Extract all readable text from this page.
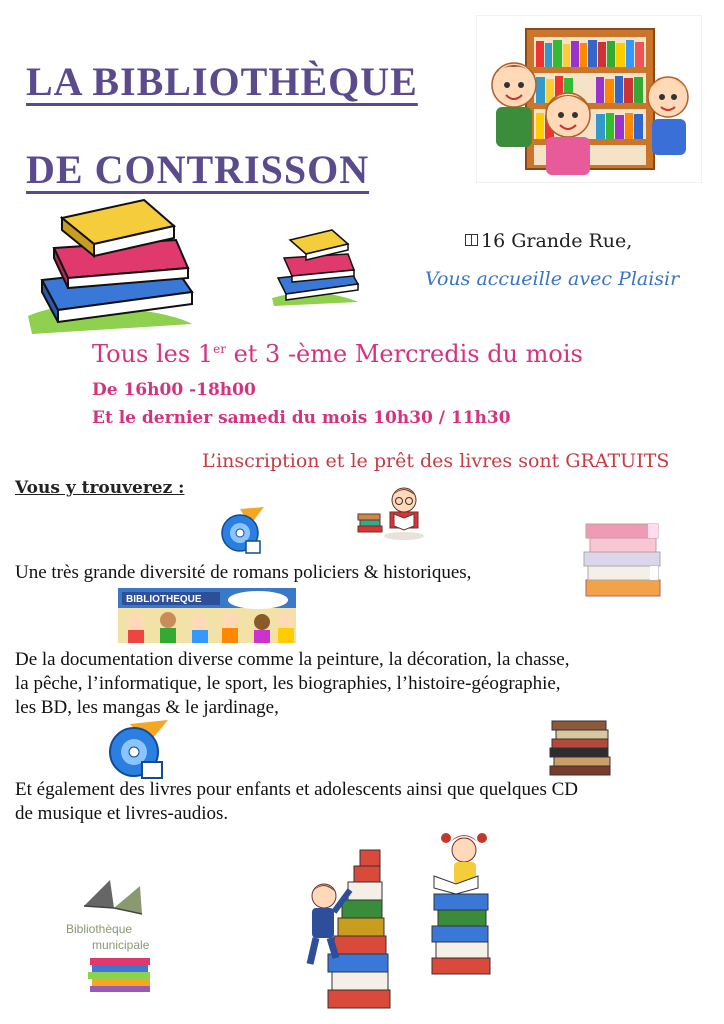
LA BIBLIOTHÈQUE
DE CONTRISSON
16 Grande Rue,
Vous accueille avec Plaisir
Tous les 1er et 3 -ème Mercredis du mois
De 16h00 -18h00
Et le dernier samedi du mois 10h30 / 11h30
L’inscription et le prêt des livres sont GRATUITS
Vous y trouverez :
Une très grande diversité de romans policiers & historiques,
BIBLIOTHEQUE
De la documentation diverse comme la peinture, la décoration, la chasse,
la pêche, l’informatique, le sport, les biographies, l’histoire-géographie,
les BD, les mangas & le jardinage,
Et également des livres pour enfants et adolescents ainsi que quelques CD
de musique et livres-audios.
Bibliothèque
municipale
